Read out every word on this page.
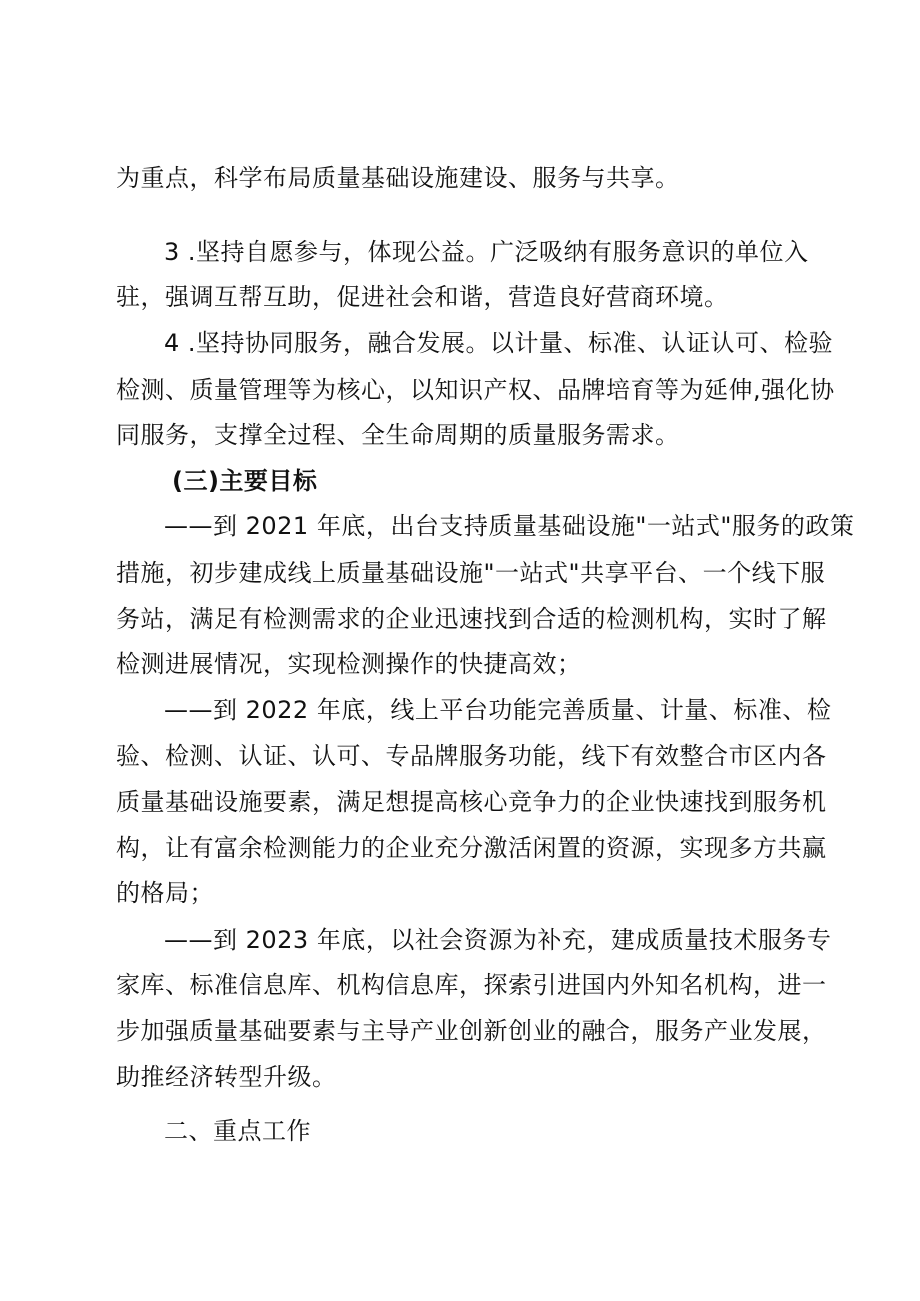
为重点，科学布局质量基础设施建设、服务与共享。
3 .坚持自愿参与，体现公益。广泛吸纳有服务意识的单位入
驻，强调互帮互助，促进社会和谐，营造良好营商环境。
4 .坚持协同服务，融合发展。以计量、标准、认证认可、检验
检测、质量管理等为核心，以知识产权、品牌培育等为延伸,强化协
同服务，支撑全过程、全生命周期的质量服务需求。
(三)主要目标
——到 2021 年底，出台支持质量基础设施"一站式"服务的政策
措施，初步建成线上质量基础设施"一站式"共享平台、一个线下服
务站，满足有检测需求的企业迅速找到合适的检测机构，实时了解
检测进展情况，实现检测操作的快捷高效；
——到 2022 年底，线上平台功能完善质量、计量、标准、检
验、检测、认证、认可、专品牌服务功能，线下有效整合市区内各
质量基础设施要素，满足想提高核心竞争力的企业快速找到服务机
构，让有富余检测能力的企业充分激活闲置的资源，实现多方共赢
的格局；
——到 2023 年底，以社会资源为补充，建成质量技术服务专
家库、标准信息库、机构信息库，探索引进国内外知名机构，进一
步加强质量基础要素与主导产业创新创业的融合，服务产业发展，
助推经济转型升级。
二、重点工作
